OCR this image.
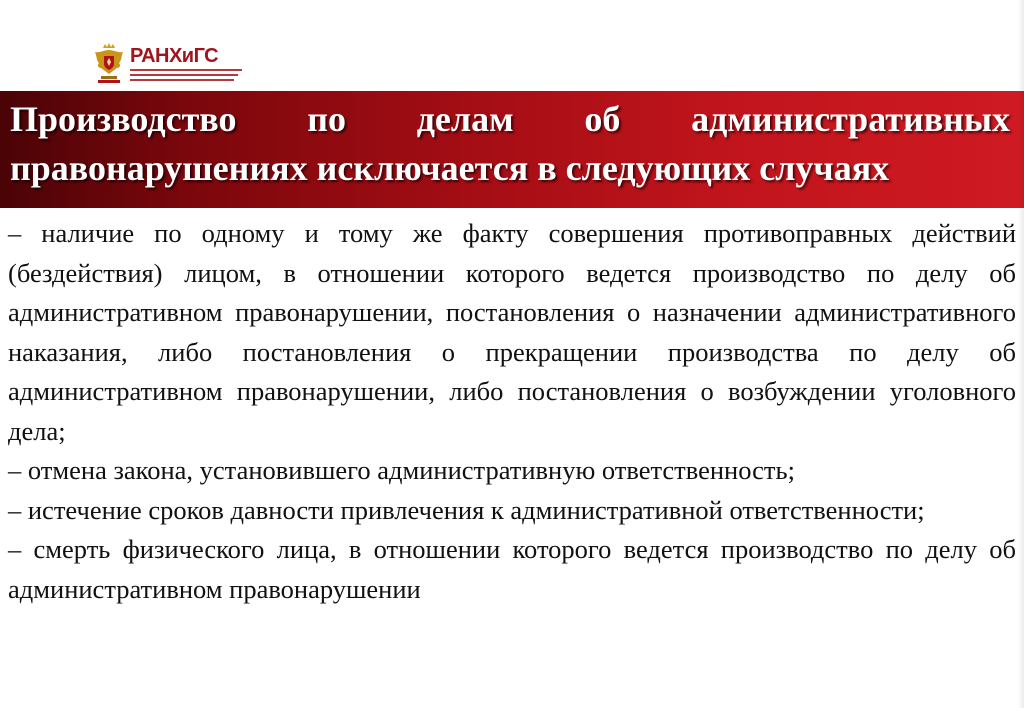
РАНХиГС
Производство по делам об административных правонарушениях исключается в следующих случаях
– наличие по одному и тому же факту совершения противоправных действий (бездействия) лицом, в отношении которого ведется производство по делу об административном правонарушении, постановления о назначении административного наказания, либо постановления о прекращении производства по делу об административном правонарушении, либо постановления о возбуждении уголовного дела;
– отмена закона, установившего административную ответственность;
– истечение сроков давности привлечения к административной ответственности;
– смерть физического лица, в отношении которого ведется производство по делу об административном правонарушении
